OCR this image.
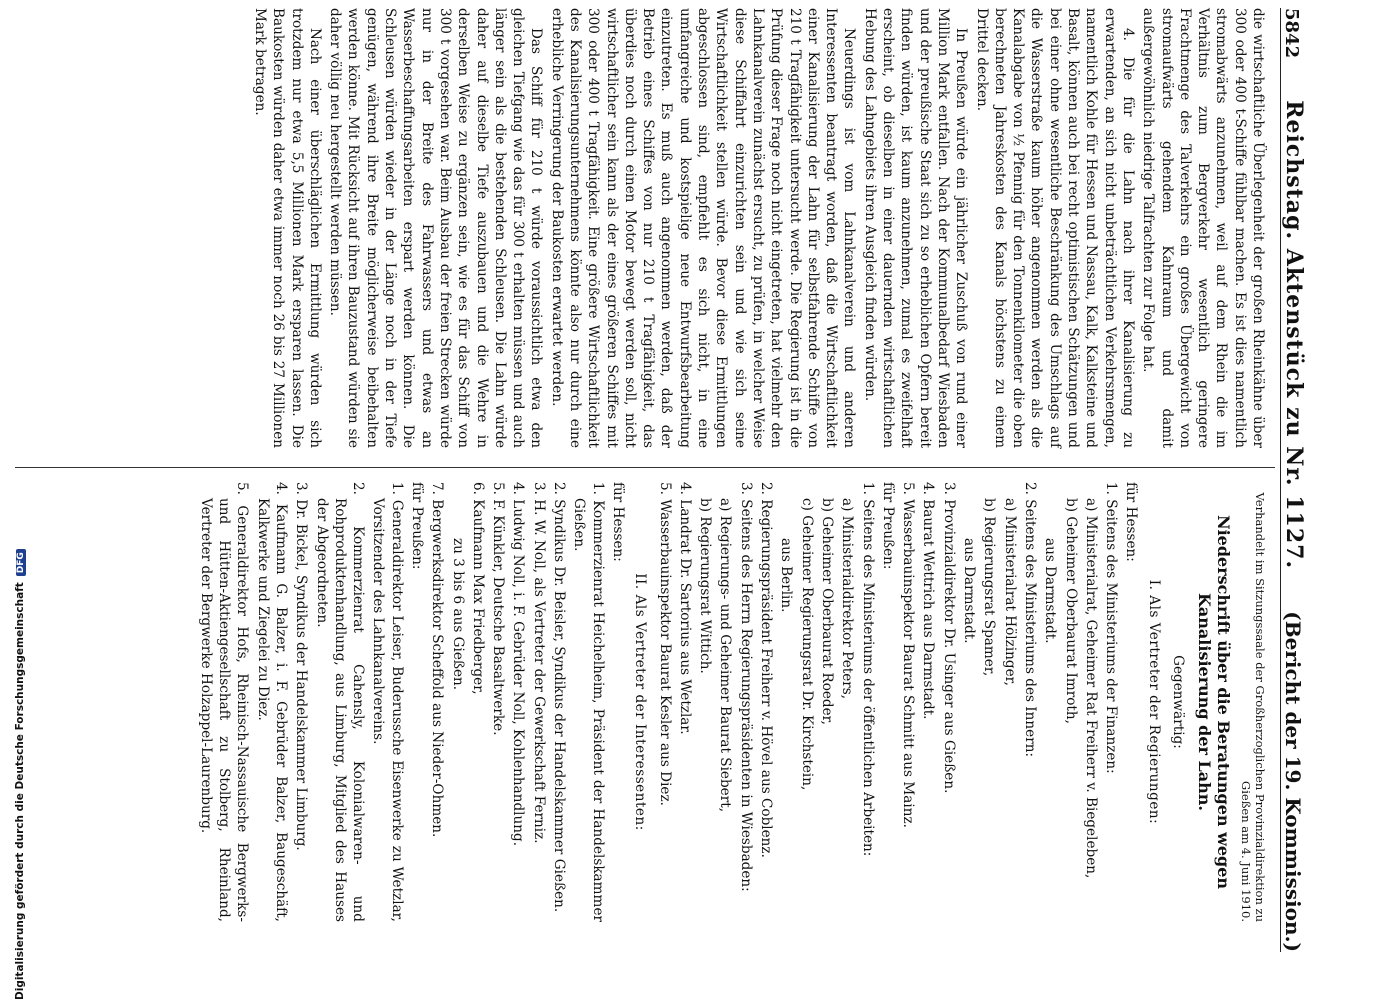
5842
Reichstag. Aktenstück zu Nr. 1127.
(Bericht der 19. Kommission.)

die wirtschaftliche Überlegenheit der großen Rheinkähne über 300 oder 400 t-Schiffe fühlbar machen. Es ist dies namentlich stromabwärts anzunehmen, weil auf dem Rhein die im Verhältnis zum Bergverkehr wesentlich geringere Frachtmenge des Talverkehrs ein großes Übergewicht von stromaufwärts gehendem Kahnraum und damit außergewöhnlich niedrige Talfrachten zur Folge hat.

4. Die für die Lahn nach ihrer Kanalisierung zu erwartenden, an sich nicht unbeträchtlichen Verkehrsmengen, namentlich Kohle für Hessen und Nassau, Kalk, Kalksteine und Basalt, können auch bei recht optimistischen Schätzungen und bei einer ohne wesentliche Beschränkung des Umschlags auf die Wasserstraße kaum höher angenommen werden als die Kanalabgabe von ½ Pfennig für den Tonnenkilometer die oben berechneten Jahreskosten des Kanals höchstens zu einem Drittel decken.

In Preußen würde ein jährlicher Zuschuß von rund einer Million Mark entfallen. Nach der Kommunalbedarf Wiesbaden und der preußische Staat sich zu so erheblichen Opfern bereit finden würden, ist kaum anzunehmen, zumal es zweifelhaft erscheint, ob dieselben in einer dauernden wirtschaftlichen Hebung des Lahngebiets ihren Ausgleich finden würden.

Neuerdings ist vom Lahnkanalverein und anderen Interessenten beantragt worden, daß die Wirtschaftlichkeit einer Kanalisierung der Lahn für selbstfahrende Schiffe von 210 t Tragfähigkeit untersucht werde. Die Regierung ist in die Prüfung dieser Frage noch nicht eingetreten, hat vielmehr den Lahnkanalverein zunächst ersucht, zu prüfen, in welcher Weise diese Schiffahrt einzurichten sein und wie sich seine Wirtschaftlichkeit stellen würde. Bevor diese Ermittlungen abgeschlossen sind, empfiehlt es sich nicht, in eine umfangreiche und kostspielige neue Entwurfsbearbeitung einzutreten. Es muß auch angenommen werden, daß der Betrieb eines Schiffes von nur 210 t Tragfähigkeit, das überdies noch durch einen Motor bewegt werden soll, nicht wirtschaftlicher sein kann als der eines größeren Schiffes mit 300 oder 400 t Tragfähigkeit. Eine größere Wirtschaftlichkeit des Kanalisierungsunternehmens könnte also nur durch eine erhebliche Verringerung der Baukosten erwartet werden.

Das Schiff für 210 t würde voraussichtlich etwa den gleichen Tiefgang wie das für 300 t erhalten müssen und auch länger sein als die bestehenden Schleusen. Die Lahn würde daher auf dieselbe Tiefe auszubauen und die Wehre in derselben Weise zu ergänzen sein, wie es für das Schiff von 300 t vorgesehen war. Beim Ausbau der freien Strecken würde nur in der Breite des Fahrwassers und etwas an Wasserbeschaffungsarbeiten erspart werden können. Die Schleusen würden wieder in der Länge noch in der Tiefe genügen, während ihre Breite möglicherweise beibehalten werden könne. Mit Rücksicht auf ihren Bauzustand würden sie daher völlig neu hergestellt werden müssen.

Nach einer überschläglichen Ermittlung würden sich trotzdem nur etwa 5,5 Millionen Mark ersparen lassen. Die Baukosten würden daher etwa immer noch 26 bis 27 Millionen Mark betragen.

Verhandelt im Sitzungssaale der Großherzoglichen Provinzialdirektion zu Gießen am 4. Juni 1910.

Niederschrift über die Beratungen wegen Kanalisierung der Lahn.

Gegenwärtig:

I. Als Vertreter der Regierungen:

für Hessen:

1. Seitens des Ministeriums der Finanzen:

a) Ministerialrat, Geheimer Rat Freiherr v. Biegeleben,

b) Geheimer Oberbaurat Imroth,

aus Darmstadt.

2. Seitens des Ministeriums des Innern:

a) Ministerialrat Hölzinger,

b) Regierungsrat Spamer,

aus Darmstadt.

3. Provinzialdirektor Dr. Usinger aus Gießen.

4. Baurat Wettrich aus Darmstadt.

5. Wasserbauinspektor Baurat Schmitt aus Mainz.

für Preußen:

1. Seitens des Ministeriums der öffentlichen Arbeiten:

a) Ministerialdirektor Peters,

b) Geheimer Oberbaurat Roeder,

c) Geheimer Regierungsrat Dr. Kirchstein,

aus Berlin.

2. Regierungspräsident Freiherr v. Hövel aus Coblenz.

3. Seitens des Herrn Regierungspräsidenten in Wiesbaden:

a) Regierungs- und Geheimer Baurat Siebert,

b) Regierungsrat Wittich.

4. Landrat Dr. Sartorius aus Wetzlar.

5. Wasserbauinspektor Baurat Kesler aus Diez.

II. Als Vertreter der Interessenten:

für Hessen:

1. Kommerzienrat Heichelheim, Präsident der Handelskammer Gießen.

2. Syndikus Dr. Beisler, Syndikus der Handelskammer Gießen.

3. H. W. Noll, als Vertreter der Gewerkschaft Ferniz.

4. Ludwig Noll, i. F. Gebrüder Noll, Kohlenhandlung.

5. F. Künkler, Deutsche Basaltwerke.

6. Kaufmann Max Friedberger,

zu 3 bis 6 aus Gießen.

7. Bergwerksdirektor Scheffold aus Nieder-Ohmen.

für Preußen:

1. Generaldirektor Leiser, Buderussche Eisenwerke zu Wetzlar, Vorsitzender des Lahnkanalvereins.

2. Kommerzienrat Cahensly, Kolonialwaren- und Rohproduktenhandlung, aus Limburg, Mitglied des Hauses der Abgeordneten.

3. Dr. Bickel, Syndikus der Handelskammer Limburg.

4. Kaufmann G. Balzer, i. F. Gebrüder Balzer, Baugeschäft, Kalkwerke und Ziegelei zu Diez.

5. Generaldirektor Hofs, Rheinisch-Nassauische Bergwerks- und Hütten-Aktiengesellschaft zu Stolberg, Rheinland, Vertreter der Bergwerke Holzappel-Laurenburg.

Digitalisierung gefördert durch die Deutsche ForschungsgemeinschaftDFG
